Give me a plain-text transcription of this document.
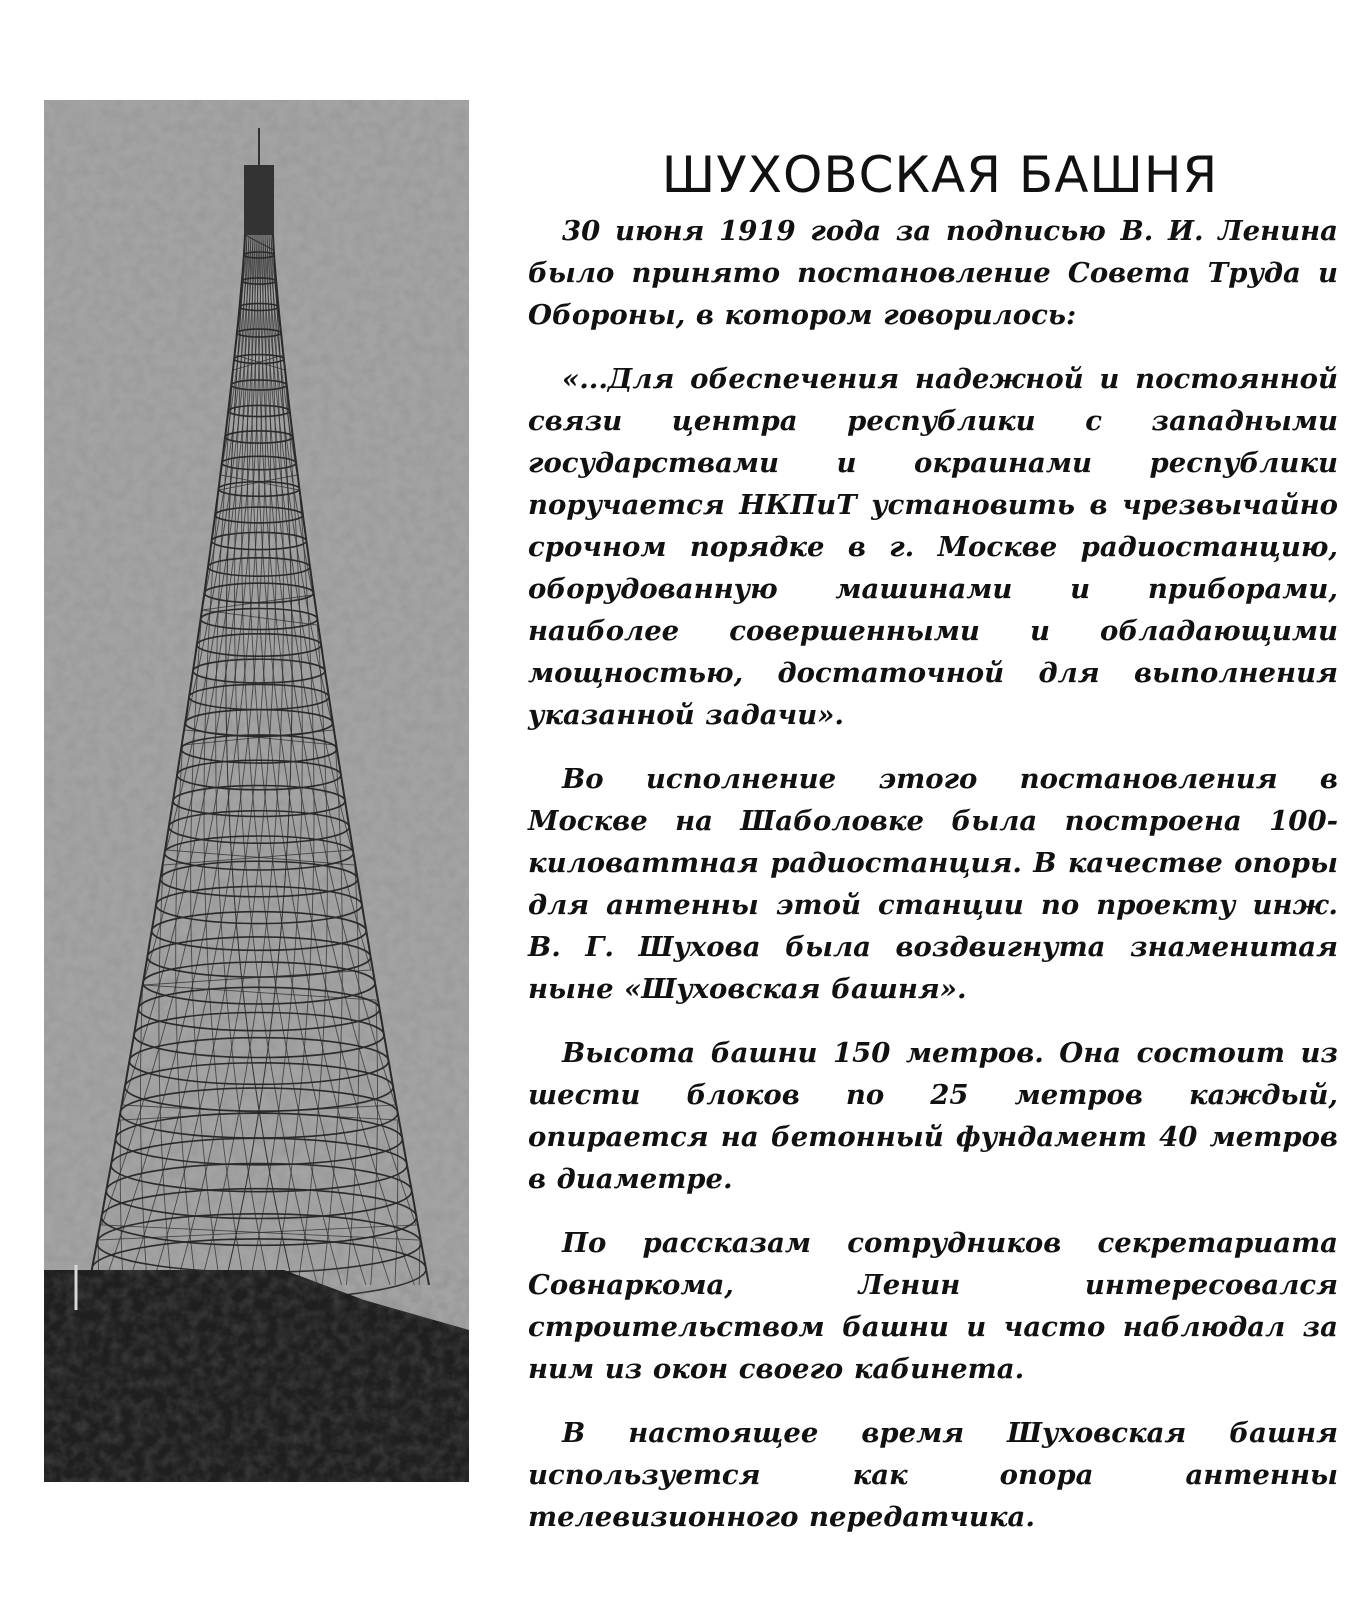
ШУХОВСКАЯ БАШНЯ

30 июня 1919 года за подписью В. И. Ленина было принято постановление Совета Труда и Обороны, в котором говорилось:

«...Для обеспечения надежной и постоянной связи центра республики с западными государствами и окраинами республики поручается НКПиТ установить в чрезвычайно срочном порядке в г. Москве радиостанцию, оборудованную машинами и приборами, наиболее совершенными и обладающими мощностью, достаточной для выполнения указанной задачи».

Во исполнение этого постановления в Москве на Шаболовке была построена 100-киловаттная радиостанция. В качестве опоры для антенны этой станции по проекту инж. В. Г. Шухова была воздвигнута знаменитая ныне «Шуховская башня».

Высота башни 150 метров. Она состоит из шести блоков по 25 метров каждый, опирается на бетонный фундамент 40 метров в диаметре.

По рассказам сотрудников секретариата Совнаркома, Ленин интересовался строительством башни и часто наблюдал за ним из окон своего кабинета.

В настоящее время Шуховская башня используется как опора антенны телевизионного передатчика.
